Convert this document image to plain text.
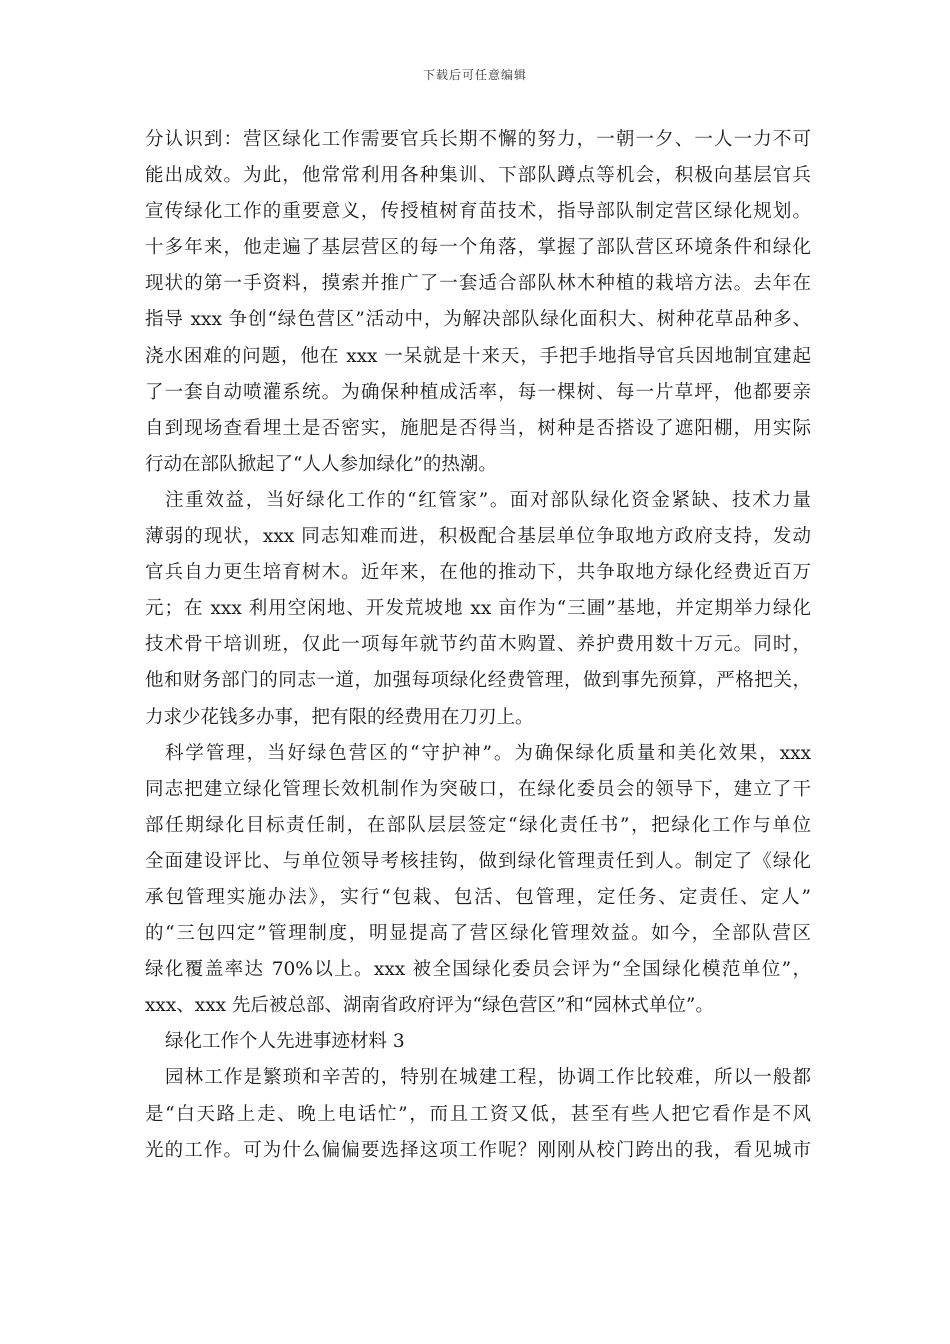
下载后可任意编辑
分认识到：营区绿化工作需要官兵长期不懈的努力，一朝一夕、一人一力不可
能出成效。为此，他常常利用各种集训、下部队蹲点等机会，积极向基层官兵
宣传绿化工作的重要意义，传授植树育苗技术，指导部队制定营区绿化规划。
十多年来，他走遍了基层营区的每一个角落，掌握了部队营区环境条件和绿化
现状的第一手资料，摸索并推广了一套适合部队林木种植的栽培方法。去年在
指导 xxx 争创“绿色营区”活动中，为解决部队绿化面积大、树种花草品种多、
浇水困难的问题，他在 xxx 一呆就是十来天，手把手地指导官兵因地制宜建起
了一套自动喷灌系统。为确保种植成活率，每一棵树、每一片草坪，他都要亲
自到现场查看埋土是否密实，施肥是否得当，树种是否搭设了遮阳棚，用实际
行动在部队掀起了“人人参加绿化”的热潮。
注重效益，当好绿化工作的“红管家”。面对部队绿化资金紧缺、技术力量
薄弱的现状，xxx 同志知难而进，积极配合基层单位争取地方政府支持，发动
官兵自力更生培育树木。近年来，在他的推动下，共争取地方绿化经费近百万
元；在 xxx 利用空闲地、开发荒坡地 xx 亩作为“三圃”基地，并定期举力绿化
技术骨干培训班，仅此一项每年就节约苗木购置、养护费用数十万元。同时，
他和财务部门的同志一道，加强每项绿化经费管理，做到事先预算，严格把关，
力求少花钱多办事，把有限的经费用在刀刃上。
科学管理，当好绿色营区的“守护神”。为确保绿化质量和美化效果，xxx
同志把建立绿化管理长效机制作为突破口，在绿化委员会的领导下，建立了干
部任期绿化目标责任制，在部队层层签定“绿化责任书”，把绿化工作与单位
全面建设评比、与单位领导考核挂钩，做到绿化管理责任到人。制定了《绿化
承包管理实施办法》，实行“包栽、包活、包管理，定任务、定责任、定人”
的“三包四定”管理制度，明显提高了营区绿化管理效益。如今，全部队营区
绿化覆盖率达 70%以上。xxx 被全国绿化委员会评为“全国绿化模范单位”，
xxx、xxx 先后被总部、湖南省政府评为“绿色营区”和“园林式单位”。
绿化工作个人先进事迹材料 3
园林工作是繁琐和辛苦的，特别在城建工程，协调工作比较难，所以一般都
是“白天路上走、晚上电话忙”，而且工资又低，甚至有些人把它看作是不风
光的工作。可为什么偏偏要选择这项工作呢？刚刚从校门跨出的我，看见城市
